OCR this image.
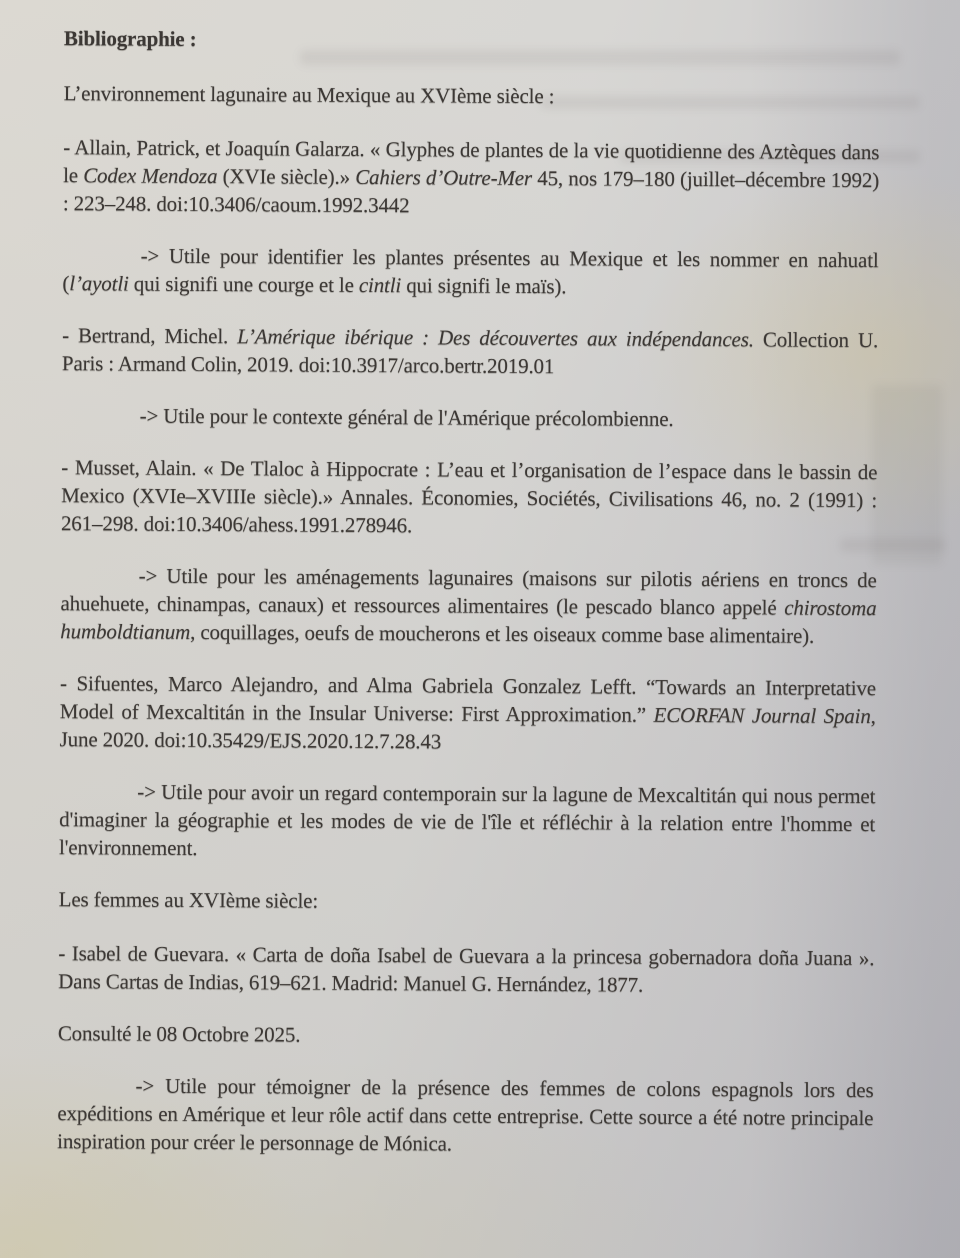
Bibliographie :

L’environnement lagunaire au Mexique au XVIème siècle :

- Allain, Patrick, et Joaquín Galarza. « Glyphes de plantes de la vie quotidienne des Aztèques dans le Codex Mendoza (XVIe siècle).» Cahiers d’Outre-Mer 45, nos 179–180 (juillet–décembre 1992) : 223–248. doi:10.3406/caoum.1992.3442

-> Utile pour identifier les plantes présentes au Mexique et les nommer en nahuatl (l’ayotli qui signifi une courge et le cintli qui signifi le maïs).

- Bertrand, Michel. L’Amérique ibérique : Des découvertes aux indépendances. Collection U. Paris : Armand Colin, 2019. doi:10.3917/arco.bertr.2019.01

-> Utile pour le contexte général de l'Amérique précolombienne.

- Musset, Alain. « De Tlaloc à Hippocrate : L’eau et l’organisation de l’espace dans le bassin de Mexico (XVIe–XVIIIe siècle).» Annales. Économies, Sociétés, Civilisations 46, no. 2 (1991) : 261–298. doi:10.3406/ahess.1991.278946.

-> Utile pour les aménagements lagunaires (maisons sur pilotis aériens en troncs de ahuehuete, chinampas, canaux) et ressources alimentaires (le pescado blanco appelé chirostoma humboldtianum, coquillages, oeufs de moucherons et les oiseaux comme base alimentaire).

- Sifuentes, Marco Alejandro, and Alma Gabriela Gonzalez Lefft. “Towards an Interpretative Model of Mexcaltitán in the Insular Universe: First Approximation.” ECORFAN Journal Spain, June 2020. doi:10.35429/EJS.2020.12.7.28.43

-> Utile pour avoir un regard contemporain sur la lagune de Mexcaltitán qui nous permet d'imaginer la géographie et les modes de vie de l'île et réfléchir à la relation entre l'homme et l'environnement.

Les femmes au XVIème siècle:

- Isabel de Guevara. « Carta de doña Isabel de Guevara a la princesa gobernadora doña Juana ». Dans Cartas de Indias, 619–621. Madrid: Manuel G. Hernández, 1877.

Consulté le 08 Octobre 2025.

-> Utile pour témoigner de la présence des femmes de colons espagnols lors des expéditions en Amérique et leur rôle actif dans cette entreprise. Cette source a été notre principale inspiration pour créer le personnage de Mónica.
